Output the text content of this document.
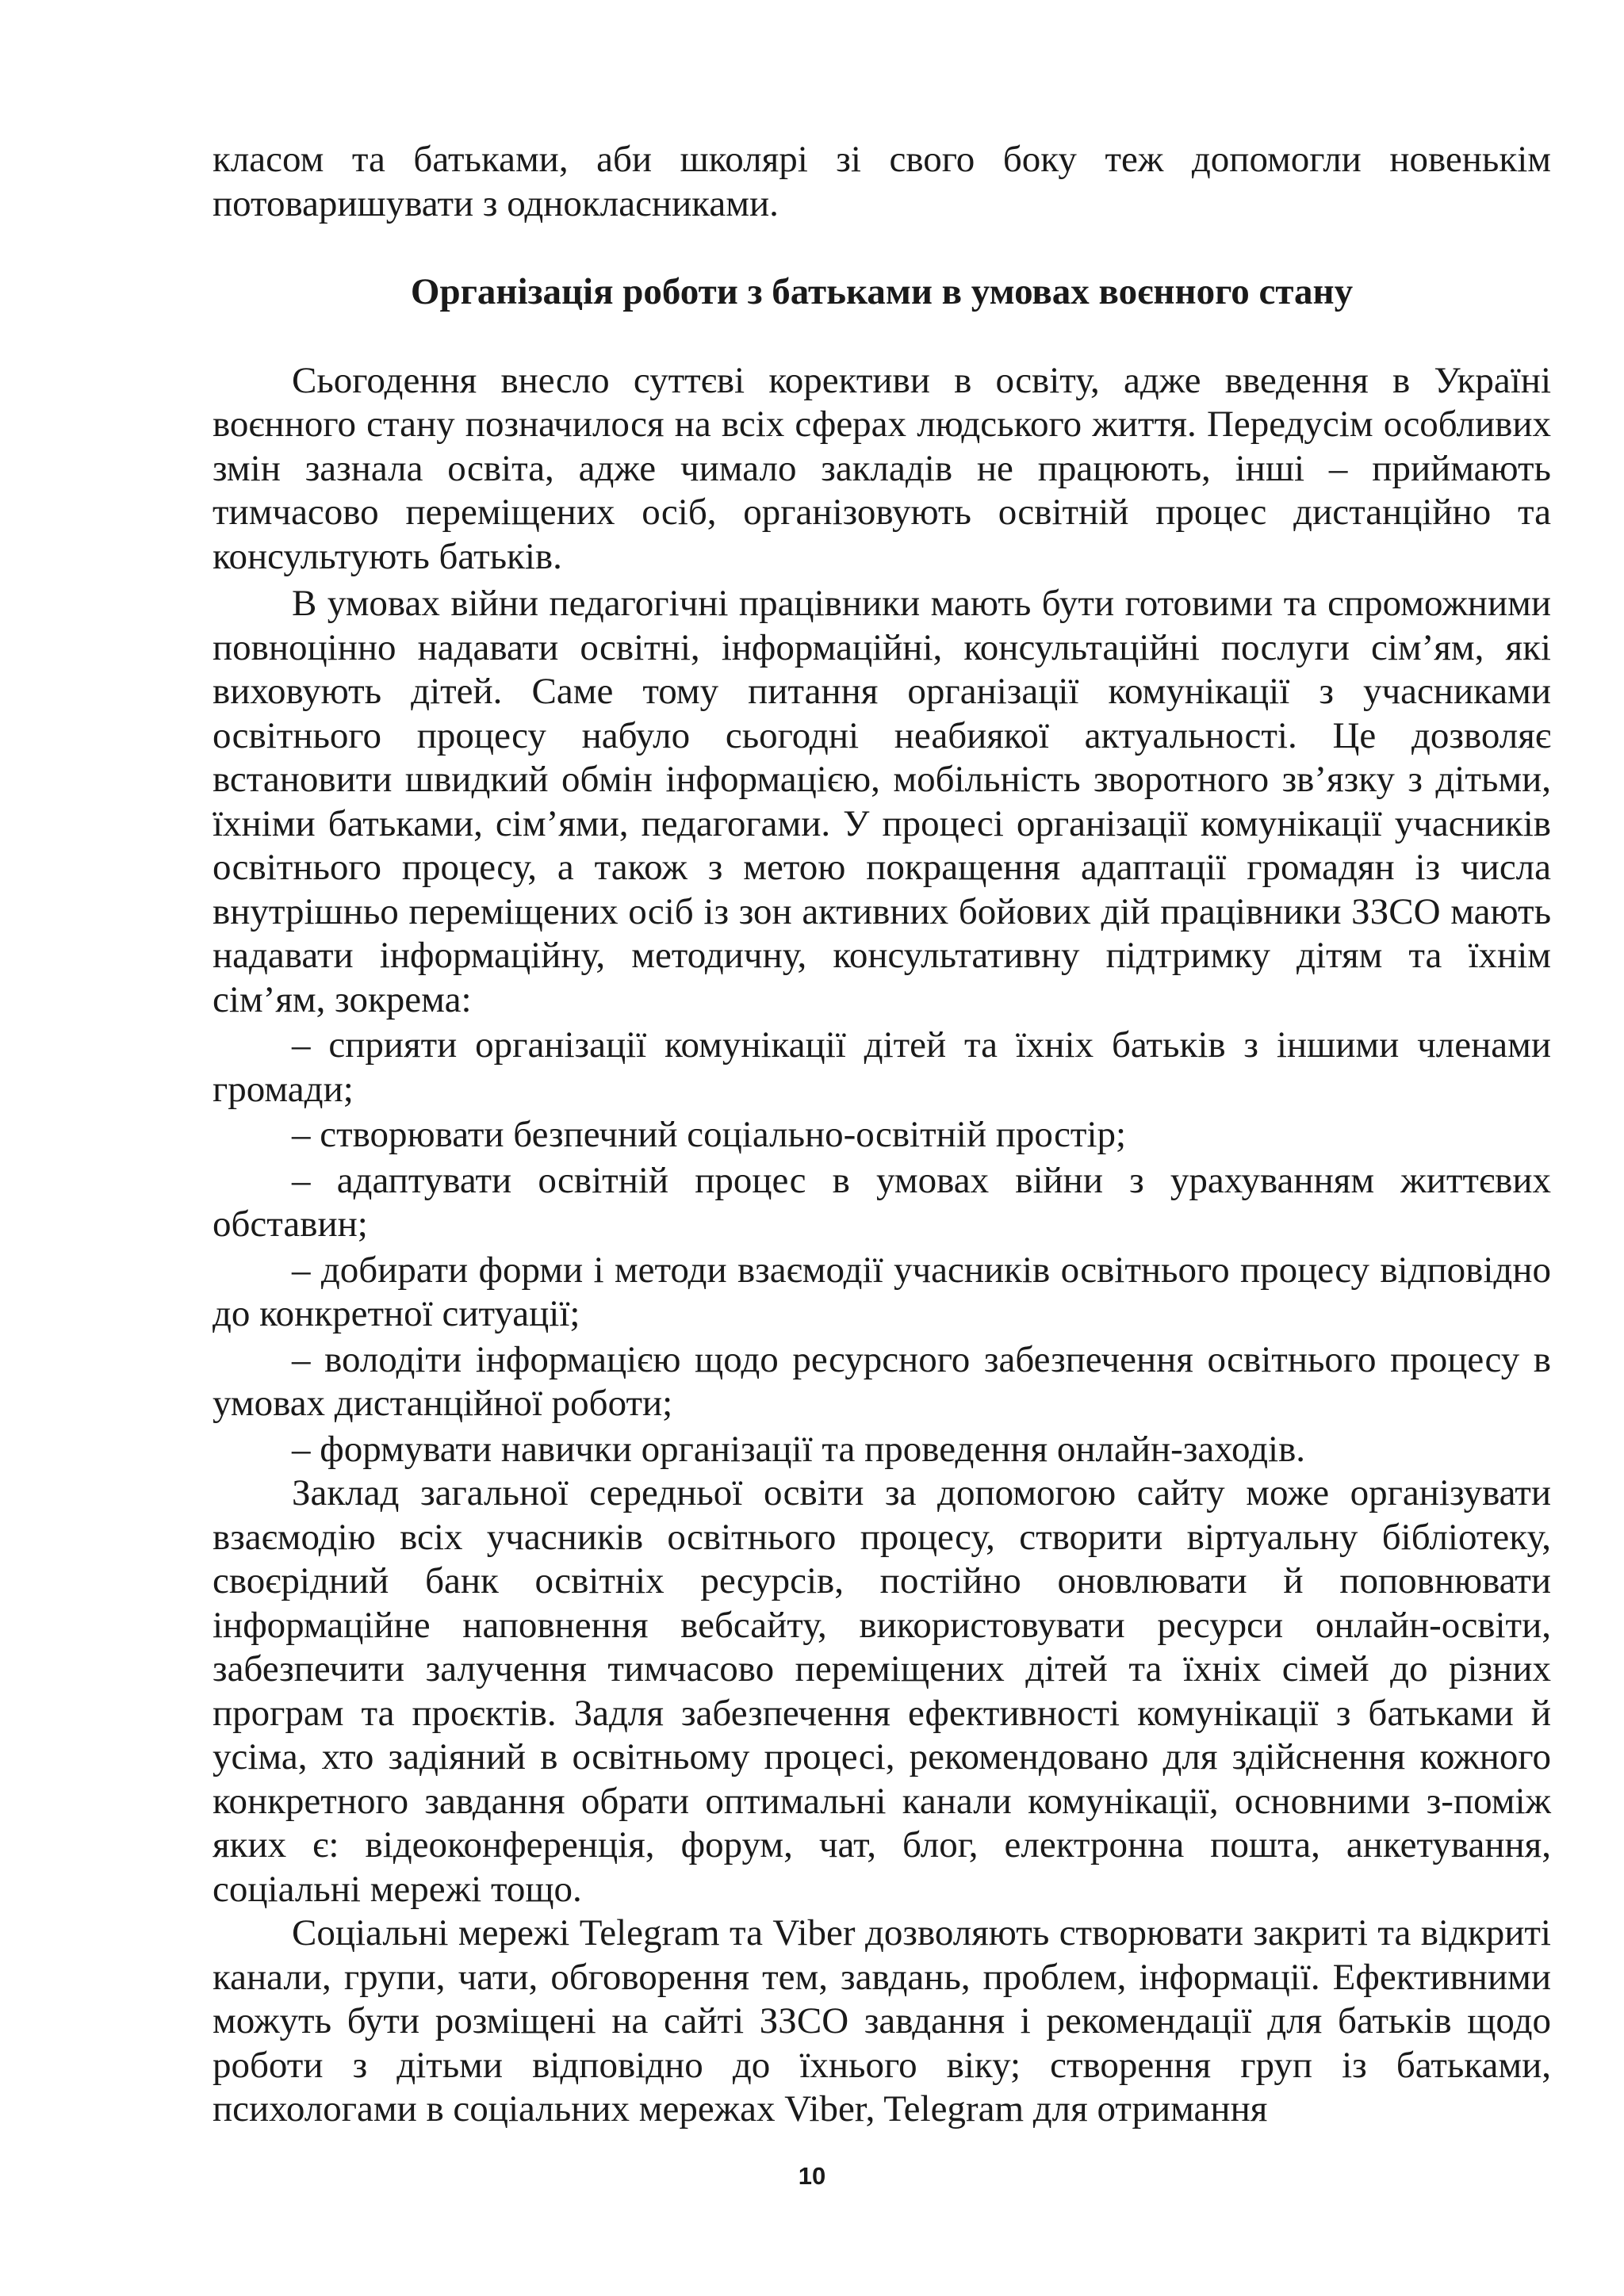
класом та батьками, аби школярі зі свого боку теж допомогли новенькім потоваришувати з однокласниками.

Організація роботи з батьками в умовах воєнного стану

Сьогодення внесло суттєві корективи в освіту, адже введення в Україні воєнного стану позначилося на всіх сферах людського життя. Передусім особливих змін зазнала освіта, адже чимало закладів не працюють, інші – приймають тимчасово переміщених осіб, організовують освітній процес дистанційно та консультують батьків.

В умовах війни педагогічні працівники мають бути готовими та спроможними повноцінно надавати освітні, інформаційні, консультаційні послуги сім’ям, які виховують дітей. Саме тому питання організації комунікації з учасниками освітнього процесу набуло сьогодні неабиякої актуальності. Це дозволяє встановити швидкий обмін інформацією, мобільність зворотного зв’язку з дітьми, їхніми батьками, сім’ями, педагогами. У процесі організації комунікації учасників освітнього процесу, а також з метою покращення адаптації громадян із числа внутрішньо переміщених осіб із зон активних бойових дій працівники ЗЗСО мають надавати інформаційну, методичну, консультативну підтримку дітям та їхнім сім’ям, зокрема:

– сприяти організації комунікації дітей та їхніх батьків з іншими членами громади;

– створювати безпечний соціально-освітній простір;

– адаптувати освітній процес в умовах війни з урахуванням життєвих обставин;

– добирати форми і методи взаємодії учасників освітнього процесу відповідно до конкретної ситуації;

– володіти інформацією щодо ресурсного забезпечення освітнього процесу в умовах дистанційної роботи;

– формувати навички організації та проведення онлайн-заходів.

Заклад загальної середньої освіти за допомогою сайту може організувати взаємодію всіх учасників освітнього процесу, створити віртуальну бібліотеку, своєрідний банк освітніх ресурсів, постійно оновлювати й поповнювати інформаційне наповнення вебсайту, використовувати ресурси онлайн-освіти, забезпечити залучення тимчасово переміщених дітей та їхніх сімей до різних програм та проєктів. Задля забезпечення ефективності комунікації з батьками й усіма, хто задіяний в освітньому процесі, рекомендовано для здійснення кожного конкретного завдання обрати оптимальні канали комунікації, основними з-поміж яких є: відеоконференція, форум, чат, блог, електронна пошта, анкетування, соціальні мережі тощо.

Соціальні мережі Telegram та Viber дозволяють створювати закриті та відкриті канали, групи, чати, обговорення тем, завдань, проблем, інформації. Ефективними можуть бути розміщені на сайті ЗЗСО завдання і рекомендації для батьків щодо роботи з дітьми відповідно до їхнього віку; створення груп із батьками, психологами в соціальних мережах Viber, Telegram для отримання

10
